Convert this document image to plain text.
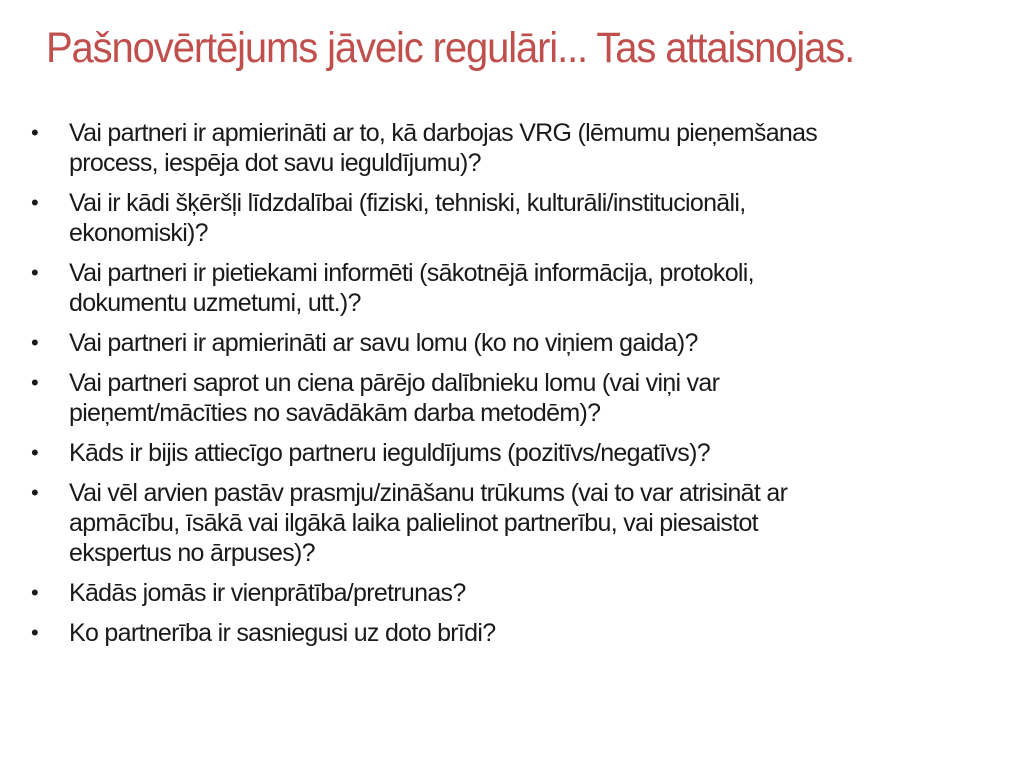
Pašnovērtējums jāveic regulāri... Tas attaisnojas.
• Vai partneri ir apmierināti ar to, kā darbojas VRG (lēmumu pieņemšanas
process, iespēja dot savu ieguldījumu)?
• Vai ir kādi šķēršļi līdzdalībai (fiziski, tehniski, kulturāli/institucionāli,
ekonomiski)?
• Vai partneri ir pietiekami informēti (sākotnējā informācija, protokoli,
dokumentu uzmetumi, utt.)?
• Vai partneri ir apmierināti ar savu lomu (ko no viņiem gaida)?
• Vai partneri saprot un ciena pārējo dalībnieku lomu (vai viņi var
pieņemt/mācīties no savādākām darba metodēm)?
• Kāds ir bijis attiecīgo partneru ieguldījums (pozitīvs/negatīvs)?
• Vai vēl arvien pastāv prasmju/zināšanu trūkums (vai to var atrisināt ar
apmācību, īsākā vai ilgākā laika palielinot partnerību, vai piesaistot
ekspertus no ārpuses)?
• Kādās jomās ir vienprātība/pretrunas?
• Ko partnerība ir sasniegusi uz doto brīdi?
